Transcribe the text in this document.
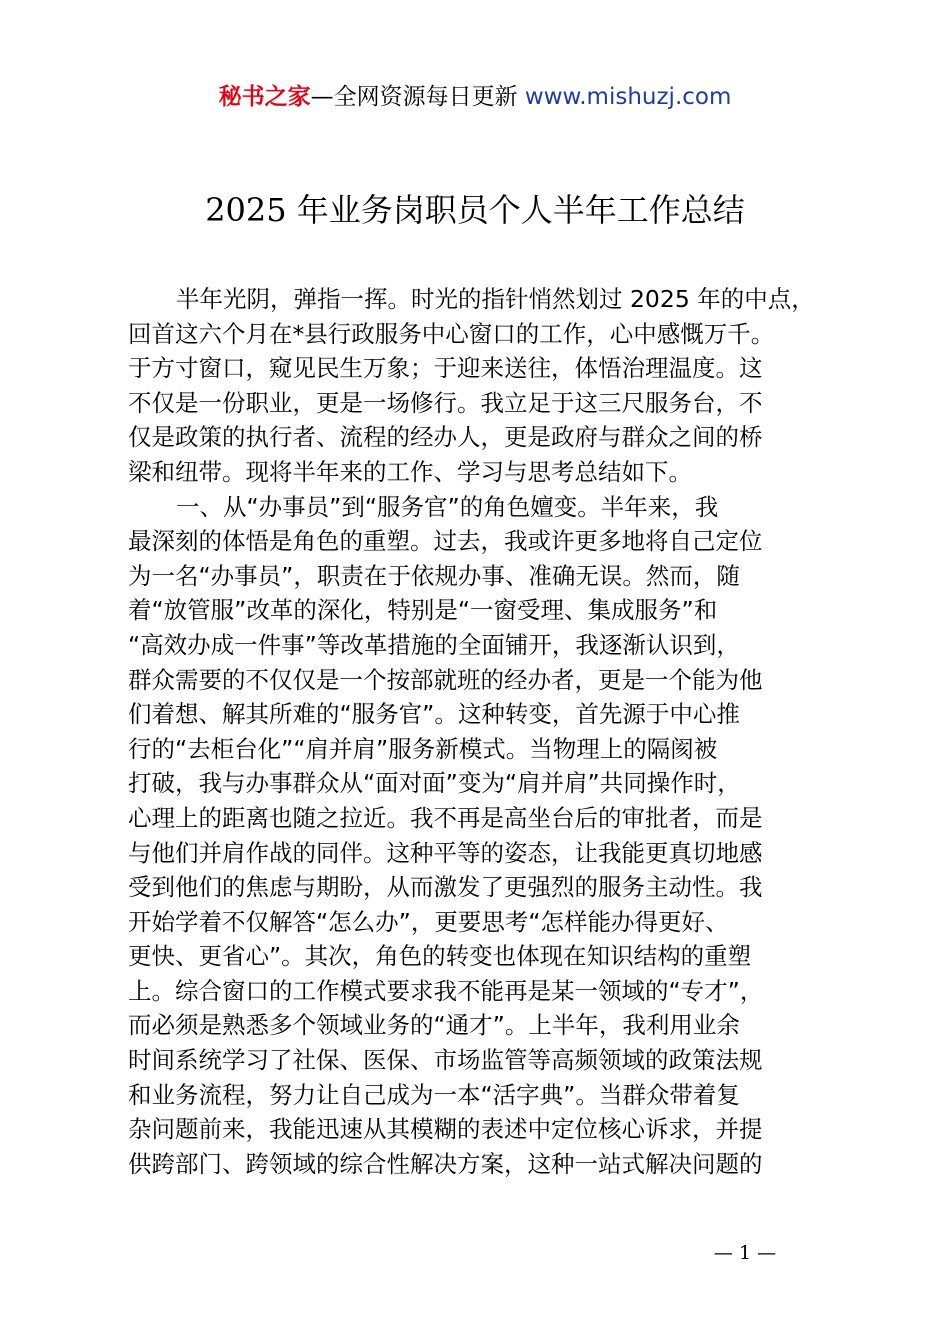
秘书之家—全网资源每日更新 www.mishuzj.com
2025 年业务岗职员个人半年工作总结
半年光阴，弹指一挥。时光的指针悄然划过 2025 年的中点，
回首这六个月在*县行政服务中心窗口的工作，心中感慨万千。
于方寸窗口，窥见民生万象；于迎来送往，体悟治理温度。这
不仅是一份职业，更是一场修行。我立足于这三尺服务台，不
仅是政策的执行者、流程的经办人，更是政府与群众之间的桥
梁和纽带。现将半年来的工作、学习与思考总结如下。
一、从“办事员”到“服务官”的角色嬗变。半年来，我
最深刻的体悟是角色的重塑。过去，我或许更多地将自己定位
为一名“办事员”，职责在于依规办事、准确无误。然而，随
着“放管服”改革的深化，特别是“一窗受理、集成服务”和
“高效办成一件事”等改革措施的全面铺开，我逐渐认识到，
群众需要的不仅仅是一个按部就班的经办者，更是一个能为他
们着想、解其所难的“服务官”。这种转变，首先源于中心推
行的“去柜台化”“肩并肩”服务新模式。当物理上的隔阂被
打破，我与办事群众从“面对面”变为“肩并肩”共同操作时，
心理上的距离也随之拉近。我不再是高坐台后的审批者，而是
与他们并肩作战的同伴。这种平等的姿态，让我能更真切地感
受到他们的焦虑与期盼，从而激发了更强烈的服务主动性。我
开始学着不仅解答“怎么办”，更要思考“怎样能办得更好、
更快、更省心”。其次，角色的转变也体现在知识结构的重塑
上。综合窗口的工作模式要求我不能再是某一领域的“专才”，
而必须是熟悉多个领域业务的“通才”。上半年，我利用业余
时间系统学习了社保、医保、市场监管等高频领域的政策法规
和业务流程，努力让自己成为一本“活字典”。当群众带着复
杂问题前来，我能迅速从其模糊的表述中定位核心诉求，并提
供跨部门、跨领域的综合性解决方案，这种一站式解决问题的
— 1 —
